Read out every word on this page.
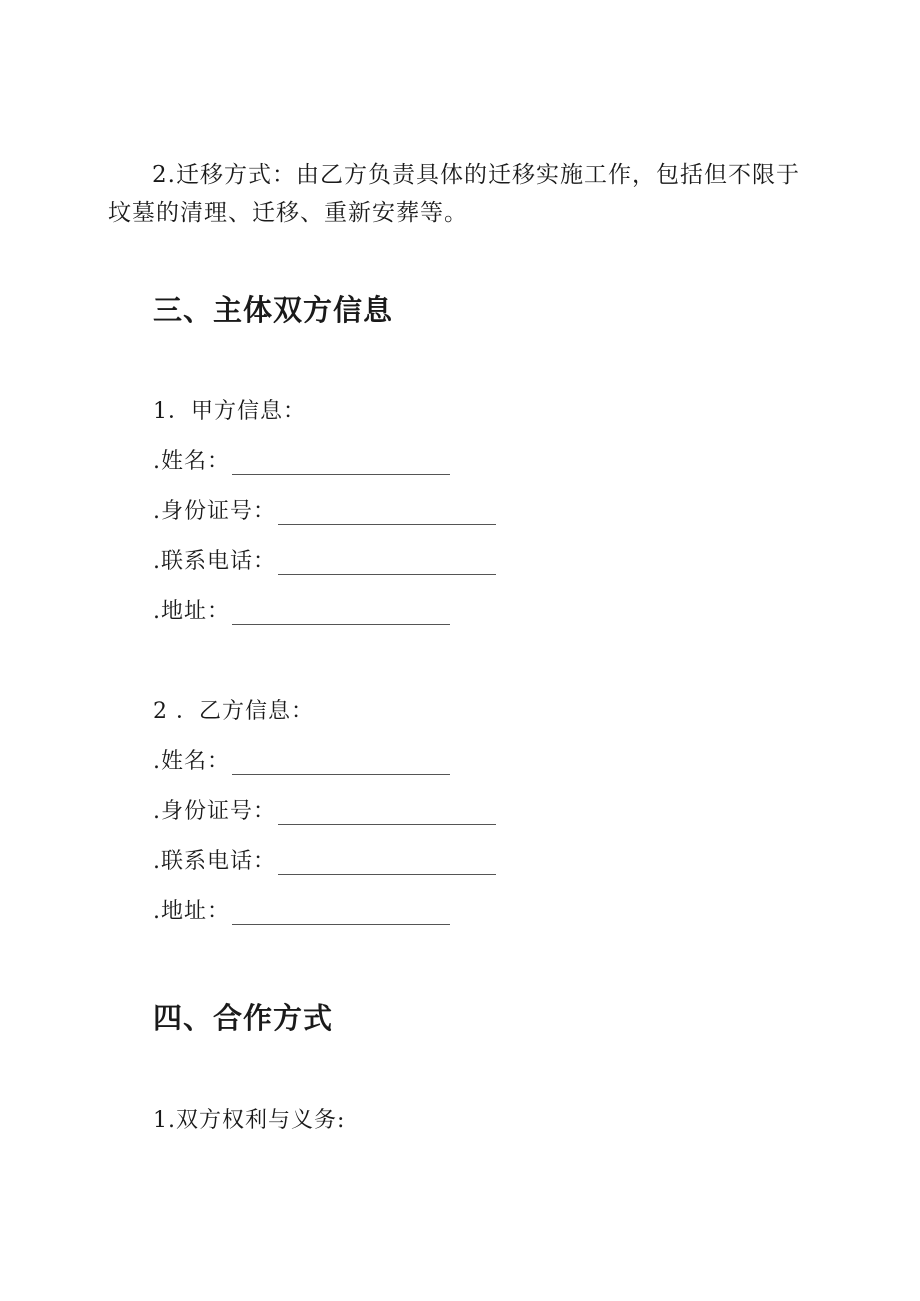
2.迁移方式：由乙方负责具体的迁移实施工作，包括但不限于坟墓的清理、迁移、重新安葬等。
三、主体双方信息
1．甲方信息：
.姓名：
.身份证号：
.联系电话：
.地址：
2 ．乙方信息：
.姓名：
.身份证号：
.联系电话：
.地址：
四、合作方式
1.双方权利与义务:
